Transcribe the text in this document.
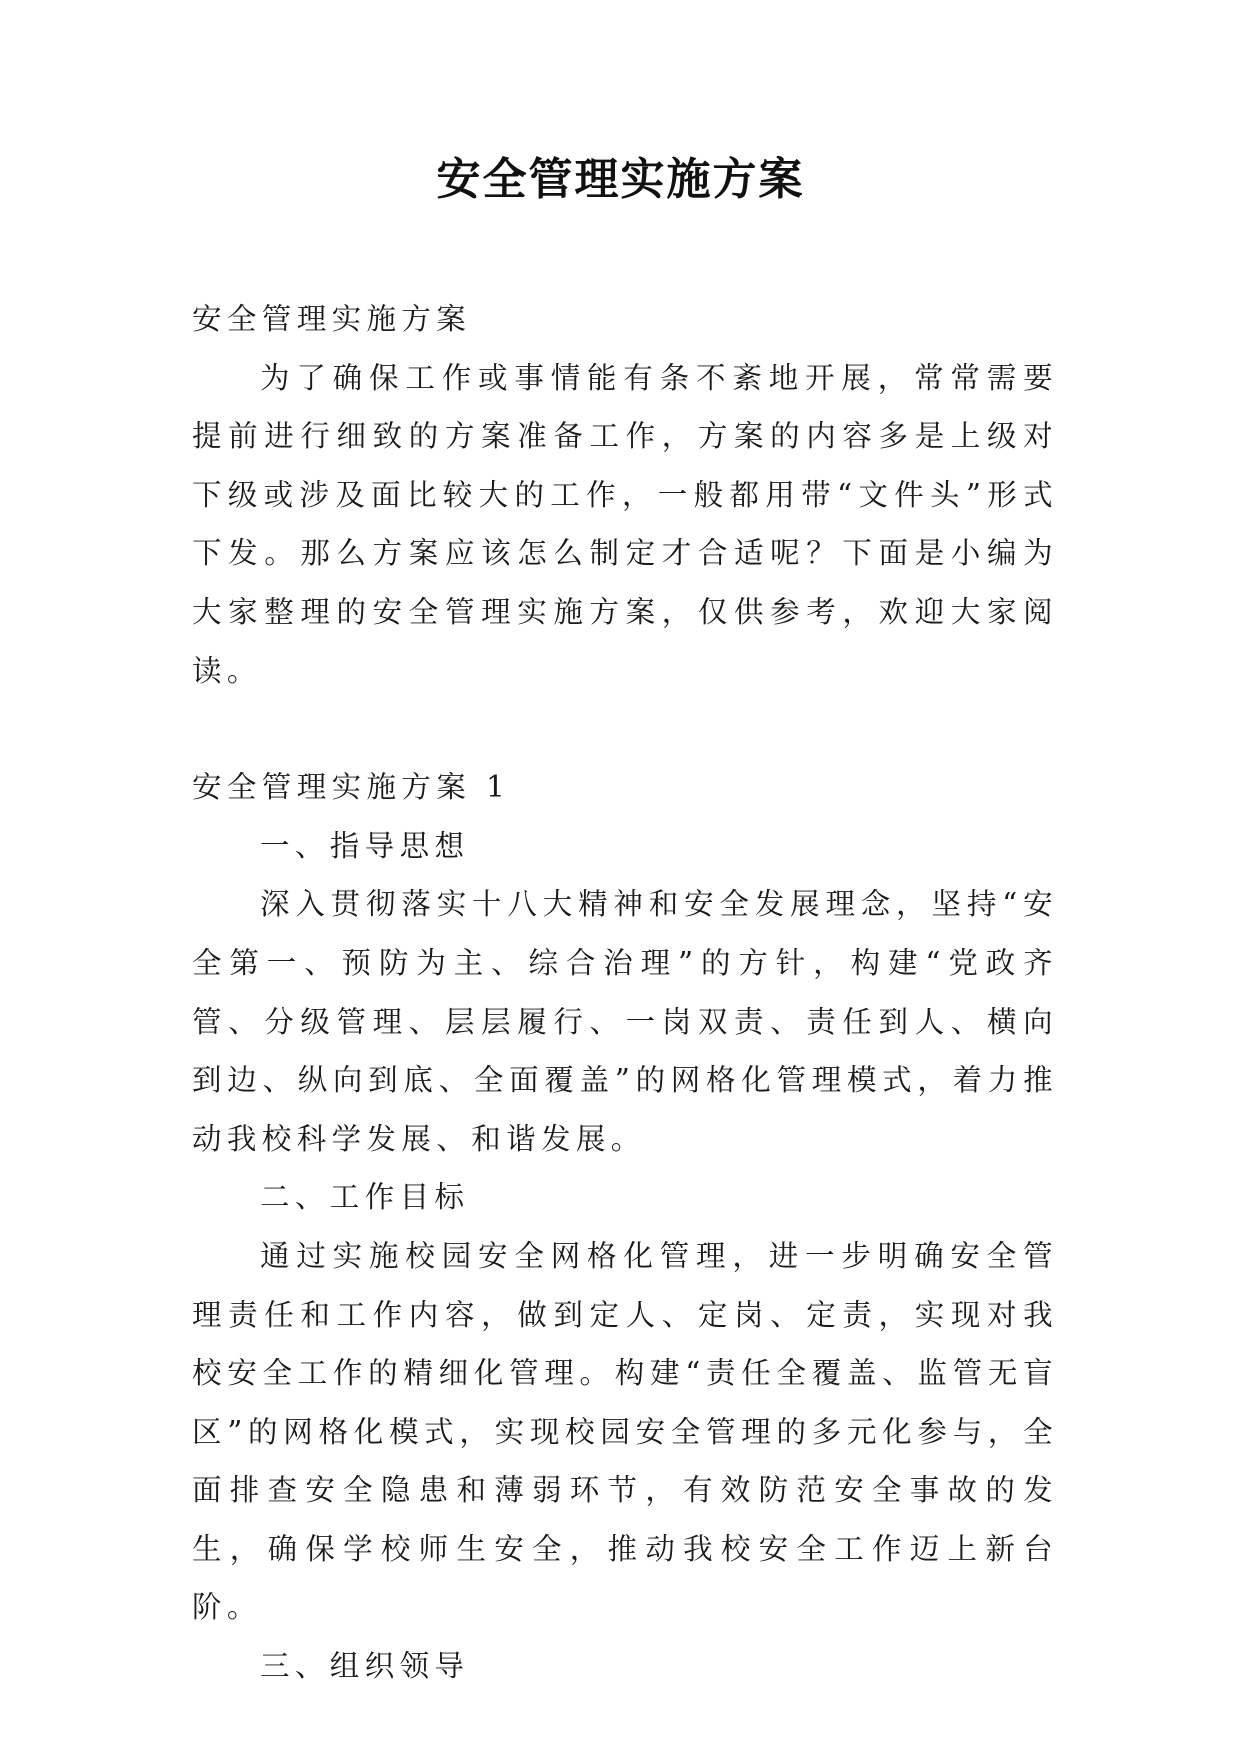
安全管理实施方案

安全管理实施方案

为了确保工作或事情能有条不紊地开展，常常需要提前进行细致的方案准备工作，方案的内容多是上级对下级或涉及面比较大的工作，一般都用带“文件头”形式下发。那么方案应该怎么制定才合适呢？下面是小编为大家整理的安全管理实施方案，仅供参考，欢迎大家阅读。

安全管理实施方案 1

一、指导思想

深入贯彻落实十八大精神和安全发展理念，坚持“安全第一、预防为主、综合治理”的方针，构建“党政齐管、分级管理、层层履行、一岗双责、责任到人、横向到边、纵向到底、全面覆盖”的网格化管理模式，着力推动我校科学发展、和谐发展。

二、工作目标

通过实施校园安全网格化管理，进一步明确安全管理责任和工作内容，做到定人、定岗、定责，实现对我校安全工作的精细化管理。构建“责任全覆盖、监管无盲区”的网格化模式，实现校园安全管理的多元化参与，全面排查安全隐患和薄弱环节，有效防范安全事故的发生，确保学校师生安全，推动我校安全工作迈上新台阶。

三、组织领导
